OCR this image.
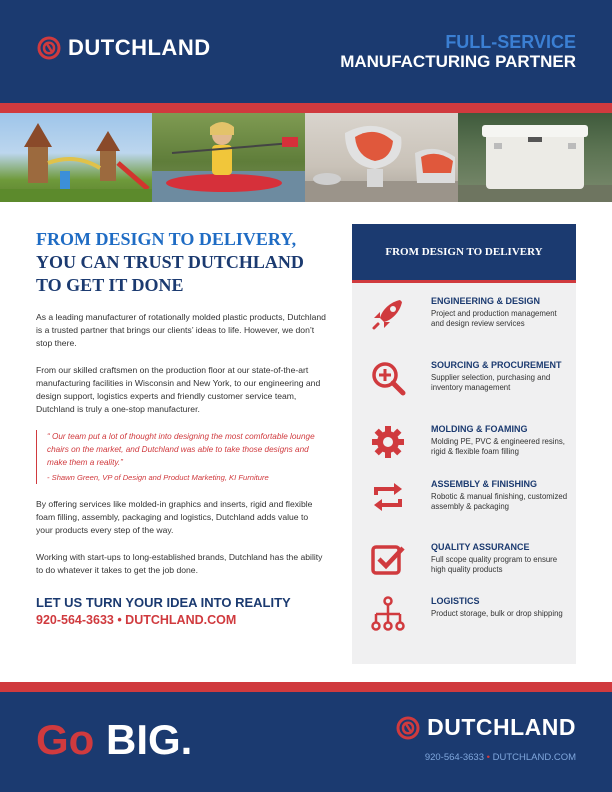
DUTCHLAND	FULL-SERVICE
MANUFACTURING PARTNER
FROM DESIGN TO DELIVERY,
YOU CAN TRUST DUTCHLAND
TO GET IT DONE

As a leading manufacturer of rotationally molded plastic products, Dutchland is a trusted partner that brings our clients’ ideas to life. However, we don’t stop there.

From our skilled craftsmen on the production floor at our state-of-the-art manufacturing facilities in Wisconsin and New York, to our engineering and design support, logistics experts and friendly customer service team, Dutchland is truly a one-stop manufacturer.

“ Our team put a lot of thought into designing the most comfortable lounge chairs on the market, and Dutchland was able to take those designs and make them a reality.”
- Shawn Green, VP of Design and Product Marketing, KI Furniture

By offering services like molded-in graphics and inserts, rigid and flexible foam filling, assembly, packaging and logistics, Dutchland adds value to your products every step of the way.

Working with start-ups to long-established brands, Dutchland has the ability to do whatever it takes to get the job done.

LET US TURN YOUR IDEA INTO REALITY
920-564-3633 • DUTCHLAND.COM
FROM DESIGN TO DELIVERY
ENGINEERING & DESIGN
Project and production management and design review services
SOURCING & PROCUREMENT
Supplier selection, purchasing and inventory management
MOLDING & FOAMING
Molding PE, PVC & engineered resins, rigid & flexible foam filling
ASSEMBLY & FINISHING
Robotic & manual finishing, customized assembly & packaging
QUALITY ASSURANCE
Full scope quality program to ensure high quality products
LOGISTICS
Product storage, bulk or drop shipping
Go BIG.	DUTCHLAND
920-564-3633 • DUTCHLAND.COM
